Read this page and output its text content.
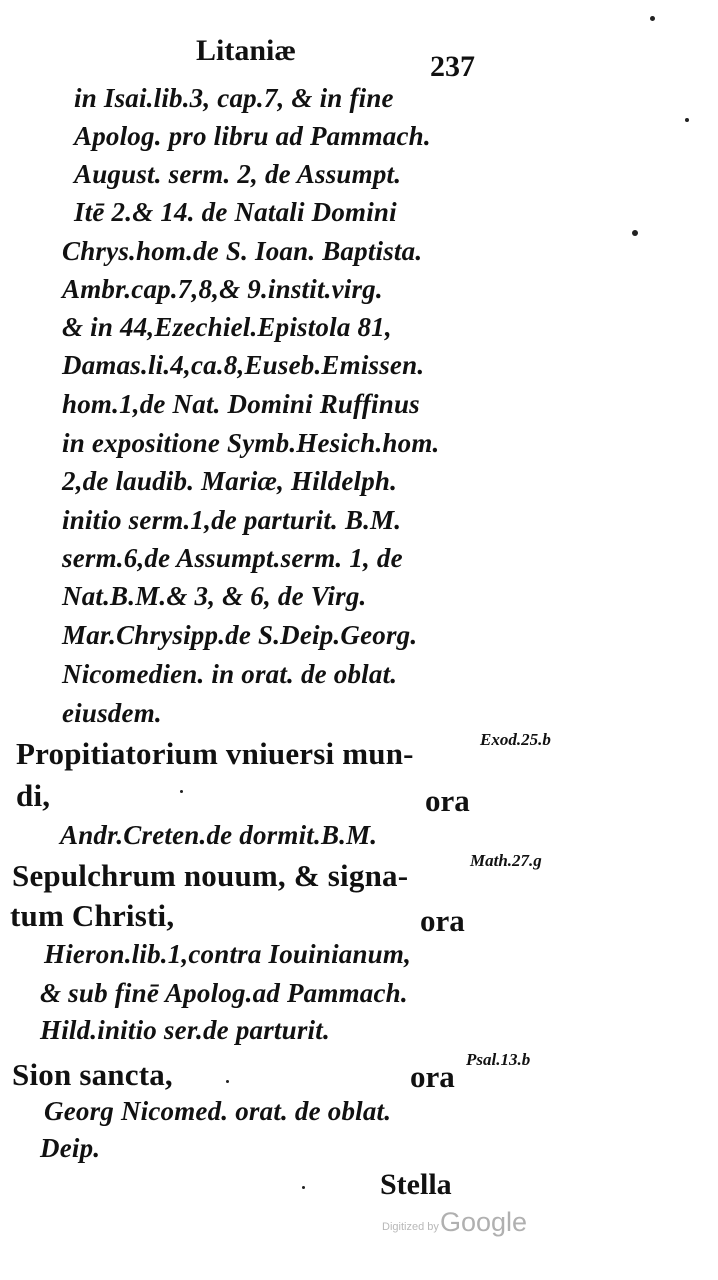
Litaniæ	237
in Isai.lib.3, cap.7, & in fine
Apolog. pro libru ad Pammach.
August. serm. 2, de Assumpt.
Itē 2.& 14. de Natali Domini
Chrys.hom.de S. Ioan. Baptista.
Ambr.cap.7,8,& 9.instit.virg.
& in 44,Ezechiel.Epistola 81,
Damas.li.4,ca.8,Euseb.Emissen.
hom.1,de Nat. Domini Ruffinus
in expositione Symb.Hesich.hom.
2,de laudib. Mariæ, Hildelph.
initio serm.1,de parturit. B.M.
serm.6,de Assumpt.serm. 1, de
Nat.B.M.& 3, & 6, de Virg.
Mar.Chrysipp.de S.Deip.Georg.
Nicomedien. in orat. de oblat.
eiusdem.
Propitiatorium vniuersi mun-	Exod.25.b
di,	ora
Andr.Creten.de dormit.B.M.
Sepulchrum nouum, & signa-	Math.27.g
tum Christi,	ora
Hieron.lib.1,contra Iouinianum,
& sub finē Apolog.ad Pammach.
Hild.initio ser.de parturit.
Sion sancta,	ora Psal.13.b
Georg Nicomed. orat. de oblat.
Deip.
Stella
Digitized by Google
